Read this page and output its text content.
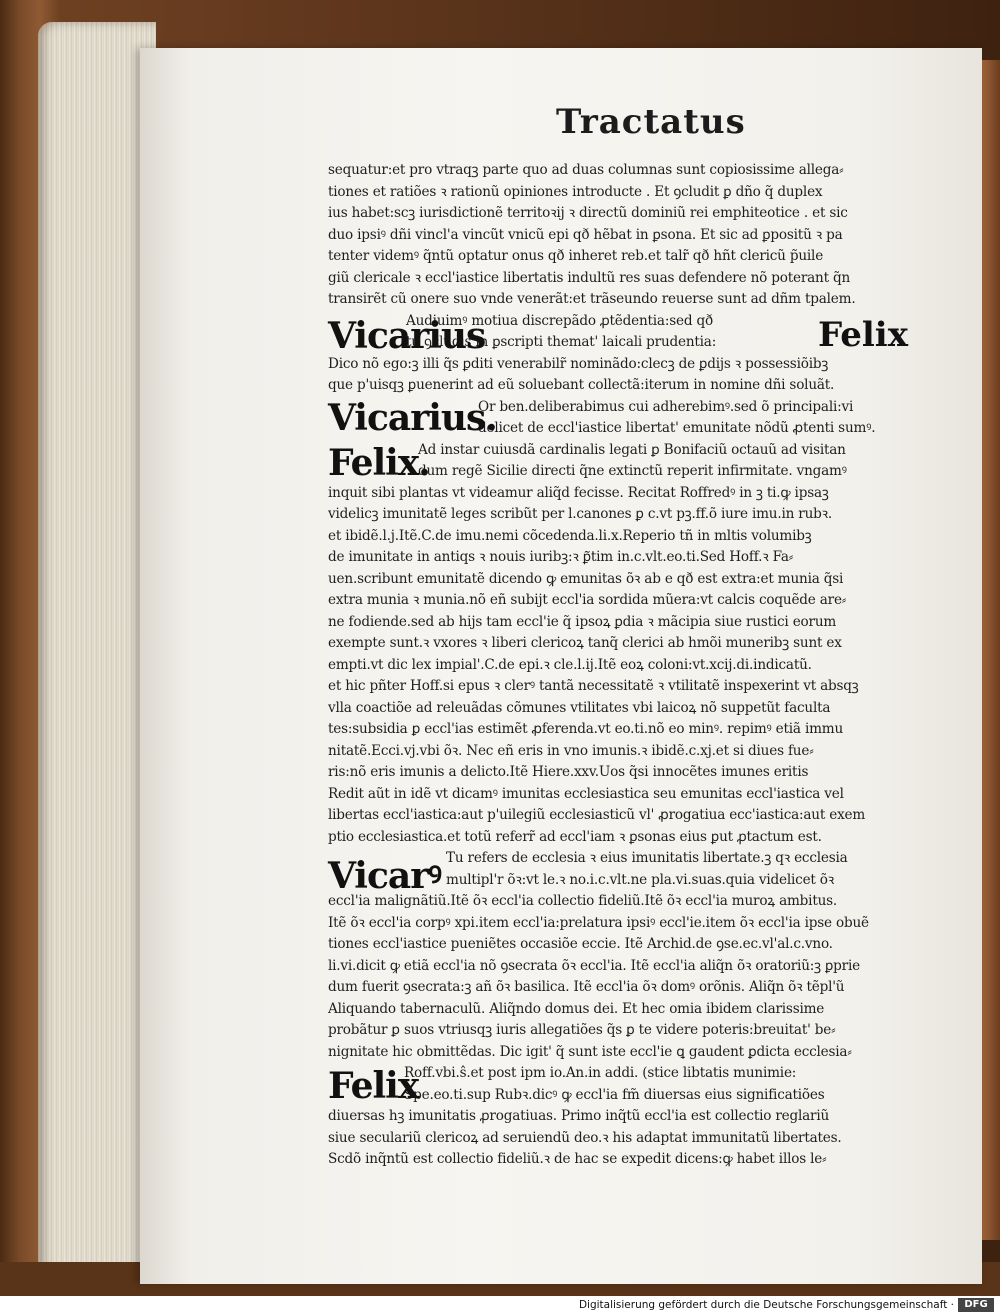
Tractatus
sequatur:et pro vtraqꝫ parte quo ad duas columnas sunt copiosissime allega⸗
tiones et ratiões ꝛ rationũ opiniones introducte . Et ꝯcludit ꝑ dño q̃ duplex
ius habet:scꝫ iurisdictionẽ territoꝛij ꝛ directũ dominiũ rei emphiteotice . et sic
duo ipsiꝰ dñi vincl'a vincũt vnicũ epi qð hẽbat in ꝑsona. Et sic ad ꝑpositũ ꝛ pa
tenter videmꝰ q̃ntũ optatur onus qð inheret reb.et talr̃ qð hñt clericũ p̃uile
giũ clericale ꝛ eccl'iastice libertatis indultũ res suas defendere nõ poterant q̃n
transirẽt cũ onere suo vnde venerãt:et trãseundo reuerse sunt ad dñm tpalem.
Vicarius	Felix
Audiuimꝰ motiua discrepãdo ꝓtẽdentia:sed qð
tu ꝯcludis in ꝑscripti themat' laicali prudentia:
Dico nõ ego:ꝫ illi q̃s ꝑditi venerabilr̃ nominãdo:clecꝫ de ꝑdijs ꝛ possessiõibꝫ
que p'uisqꝫ ꝑuenerint ad eũ soluebant collectã:iterum in nomine dñi soluãt.
Vicarius.
Or ben.deliberabimus cui adherebimꝰ.sed õ principali:vi
delicet de eccl'iastice libertat' emunitate nõdũ ꝓtenti sumꝰ.
Felix.
Ad instar cuiusdã cardinalis legati ꝑ Bonifaciũ octauũ ad visitan
dum regẽ Sicilie directi q̃ne extinctũ reperit infirmitate. vngamꝰ
inquit sibi plantas vt videamur aliq̃d fecisse. Recitat Roffredꝰ in ꝫ ti.ꝙ ipsaꝫ
videlicꝫ imunitatẽ leges scribũt per l.canones ꝑ c.vt pꝫ.ff.õ iure imu.in rubꝛ.
et ibidẽ.l.j.Itẽ.C.de imu.nemi cõcedenda.li.x.Reperio tñ in mltis volumibꝫ
de imunitate in antiqs ꝛ nouis iuribꝫ:ꝛ ꝑ̃tim in.c.vlt.eo.ti.Sed Hoff.ꝛ Fa⸗
uen.scribunt emunitatẽ dicendo ꝙ emunitas õꝛ ab e qð est extra:et munia q̃si
extra munia ꝛ munia.nõ eñ subijt eccl'ia sordida mũera:vt calcis coquẽde are⸗
ne fodiende.sed ab hijs tam eccl'ie q̃ ipsoꝝ ꝑdia ꝛ mãcipia siue rustici eorum
exempte sunt.ꝛ vxores ꝛ liberi clericoꝝ tanq̃ clerici ab hmõi muneribꝫ sunt ex
empti.vt dic lex impial'.C.de epi.ꝛ cle.l.ij.Itẽ eoꝝ coloni:vt.xcij.di.indicatũ.
et hic pñter Hoff.si epus ꝛ clerꝰ tantã necessitatẽ ꝛ vtilitatẽ inspexerint vt absqꝫ
vlla coactiõe ad releuãdas cõmunes vtilitates vbi laicoꝝ nõ suppetũt faculta
tes:subsidia ꝑ eccl'ias estimẽt ꝓferenda.vt eo.ti.nõ eo minꝰ. repimꝰ etiã immu
nitatẽ.Ecci.vj.vbi õꝛ. Nec eñ eris in vno imunis.ꝛ ibidẽ.c.xj.et si diues fue⸗
ris:nõ eris imunis a delicto.Itẽ Hiere.xxv.Uos q̃si innocẽtes imunes eritis
Redit aũt in idẽ vt dicamꝰ imunitas ecclesiastica seu emunitas eccl'iastica vel
libertas eccl'iastica:aut p'uilegiũ ecclesiasticũ vl' ꝓrogatiua ecc'iastica:aut exem
ptio ecclesiastica.et totũ referr̃ ad eccl'iam ꝛ ꝑsonas eius ꝑut ꝓtactum est.
Vicarꝰ Tu refers de ecclesia ꝛ eius imunitatis libertate.ꝫ qꝛ ecclesia
multipl'r õꝛ:vt le.ꝛ no.i.c.vlt.ne pla.vi.suas.quia videlicet õꝛ
eccl'ia malignãtiũ.Itẽ õꝛ eccl'ia collectio fideliũ.Itẽ õꝛ eccl'ia muroꝝ ambitus.
Itẽ õꝛ eccl'ia corpꝰ xpi.item eccl'ia:prelatura ipsiꝰ eccl'ie.item õꝛ eccl'ia ipse obuẽ
tiones eccl'iastice pueniẽtes occasiõe eccie. Itẽ Archid.de ꝯse.ec.vl'al.c.vno.
li.vi.dicit ꝙ etiã eccl'ia nõ ꝯsecrata õꝛ eccl'ia. Itẽ eccl'ia aliq̃n õꝛ oratoriũ:ꝫ ꝑprie
dum fuerit ꝯsecrata:ꝫ añ õꝛ basilica. Itẽ eccl'ia õꝛ domꝰ orõnis. Aliq̃n õꝛ tẽpl'ũ
Aliquando tabernaculũ. Aliq̃ndo domus dei. Et hec omia ibidem clarissime
probãtur ꝑ suos vtriusqꝫ iuris allegatiões q̃s ꝑ te videre poteris:breuitat' be⸗
nignitate hic obmittẽdas. Dic igit' q̃ sunt iste eccl'ie ꝗ gaudent ꝑdicta ecclesia⸗
Felix
Roff.vbi.ŝ.et post ipm io.An.in addi. (stice libtatis munimie:
Spe.eo.ti.sup Rubꝛ.dicꝰ ꝙ eccl'ia fm̃ diuersas eius significatiões
diuersas hꝫ imunitatis ꝓrogatiuas. Primo inq̃tũ eccl'ia est collectio reglariũ
siue seculariũ clericoꝝ ad seruiendũ deo.ꝛ his adaptat immunitatũ libertates.
Scdõ inq̃ntũ est collectio fideliũ.ꝛ de hac se expedit dicens:ꝙ habet illos le⸗
Digitalisierung gefördert durch die Deutsche Forschungsgemeinschaft ·	DFG
